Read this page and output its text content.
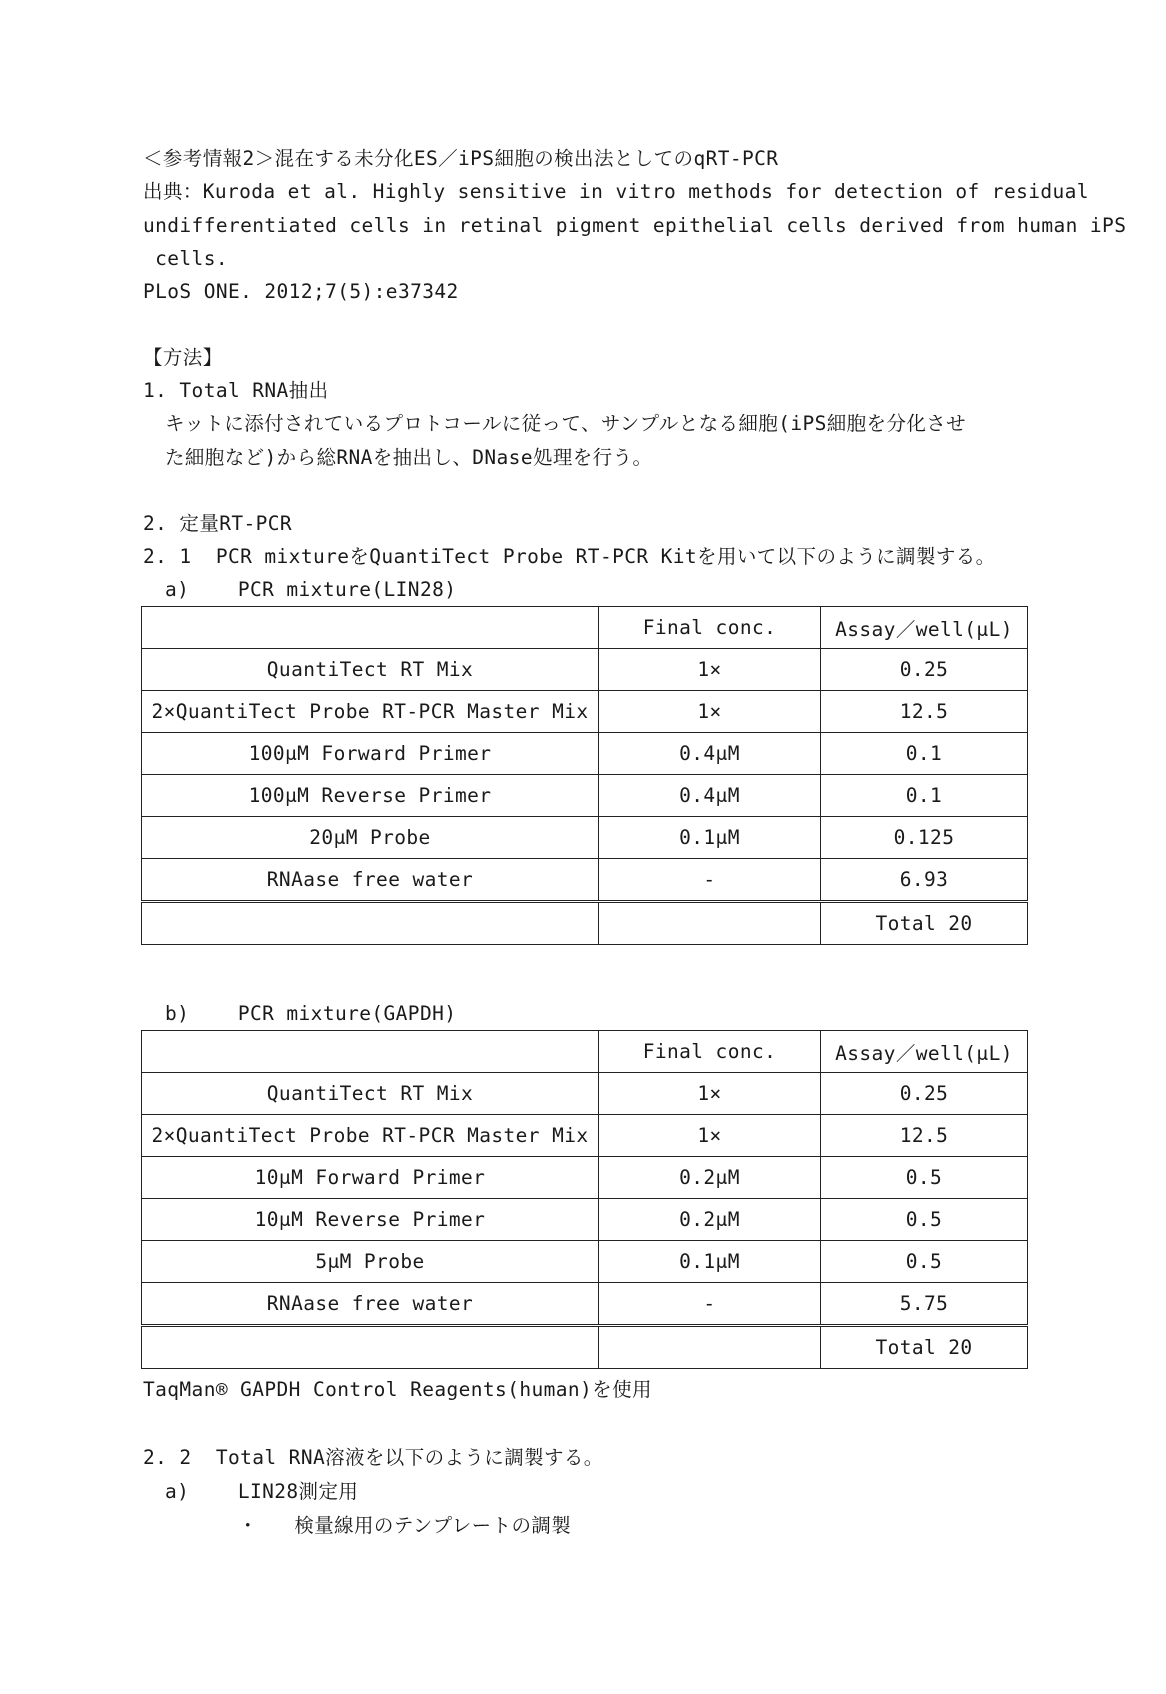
＜参考情報2＞混在する未分化ES／iPS細胞の検出法としてのqRT-PCR
出典：Kuroda et al. Highly sensitive in vitro methods for detection of residual
undifferentiated cells in retinal pigment epithelial cells derived from human iPS
cells.
PLoS ONE. 2012;7(5):e37342
【方法】
1. Total RNA抽出
キットに添付されているプロトコールに従って、サンプルとなる細胞(iPS細胞を分化させ
た細胞など)から総RNAを抽出し、DNase処理を行う。
2. 定量RT-PCR
2. 1  PCR mixtureをQuantiTect Probe RT-PCR Kitを用いて以下のように調製する。
a)    PCR mixture(LIN28)
	Final conc.	Assay／well(μL)
QuantiTect RT Mix	1×	0.25
2×QuantiTect Probe RT-PCR Master Mix	1×	12.5
100μM Forward Primer	0.4μM	0.1
100μM Reverse Primer	0.4μM	0.1
20μM Probe	0.1μM	0.125
RNAase free water	-	6.93
		Total 20
b)    PCR mixture(GAPDH)
	Final conc.	Assay／well(μL)
QuantiTect RT Mix	1×	0.25
2×QuantiTect Probe RT-PCR Master Mix	1×	12.5
10μM Forward Primer	0.2μM	0.5
10μM Reverse Primer	0.2μM	0.5
5μM Probe	0.1μM	0.5
RNAase free water	-	5.75
		Total 20
TaqMan® GAPDH Control Reagents(human)を使用
2. 2  Total RNA溶液を以下のように調製する。
a)    LIN28測定用
・   検量線用のテンプレートの調製
